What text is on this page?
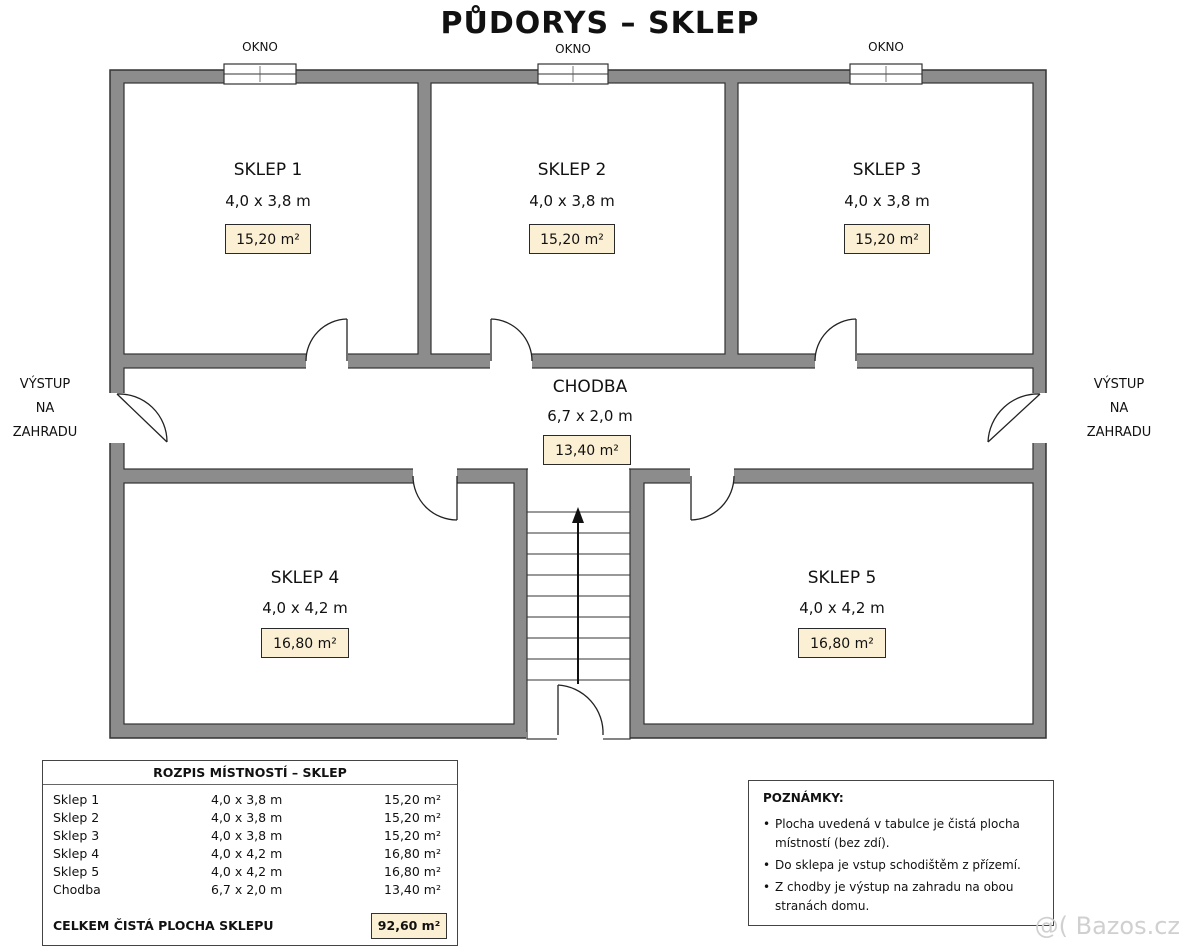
PŮDORYS – SKLEP
OKNO	OKNO	OKNO
VÝSTUP
NA
ZAHRADU
VÝSTUP
NA
ZAHRADU
SKLEP 1
4,0 x 3,8 m
15,20 m²
SKLEP 2
4,0 x 3,8 m
15,20 m²
SKLEP 3
4,0 x 3,8 m
15,20 m²
CHODBA
6,7 x 2,0 m
13,40 m²
SKLEP 4
4,0 x 4,2 m
16,80 m²
SKLEP 5
4,0 x 4,2 m
16,80 m²
ROZPIS MÍSTNOSTÍ – SKLEP
Sklep 1	4,0 x 3,8 m	15,20 m²
Sklep 2	4,0 x 3,8 m	15,20 m²
Sklep 3	4,0 x 3,8 m	15,20 m²
Sklep 4	4,0 x 4,2 m	16,80 m²
Sklep 5	4,0 x 4,2 m	16,80 m²
Chodba	6,7 x 2,0 m	13,40 m²
CELKEM ČISTÁ PLOCHA SKLEPU	92,60 m²
POZNÁMKY:
• Plocha uvedená v tabulce je čistá plocha místností (bez zdí).
• Do sklepa je vstup schodištěm z přízemí.
• Z chodby je výstup na zahradu na obou stranách domu.
@( Bazos.cz
